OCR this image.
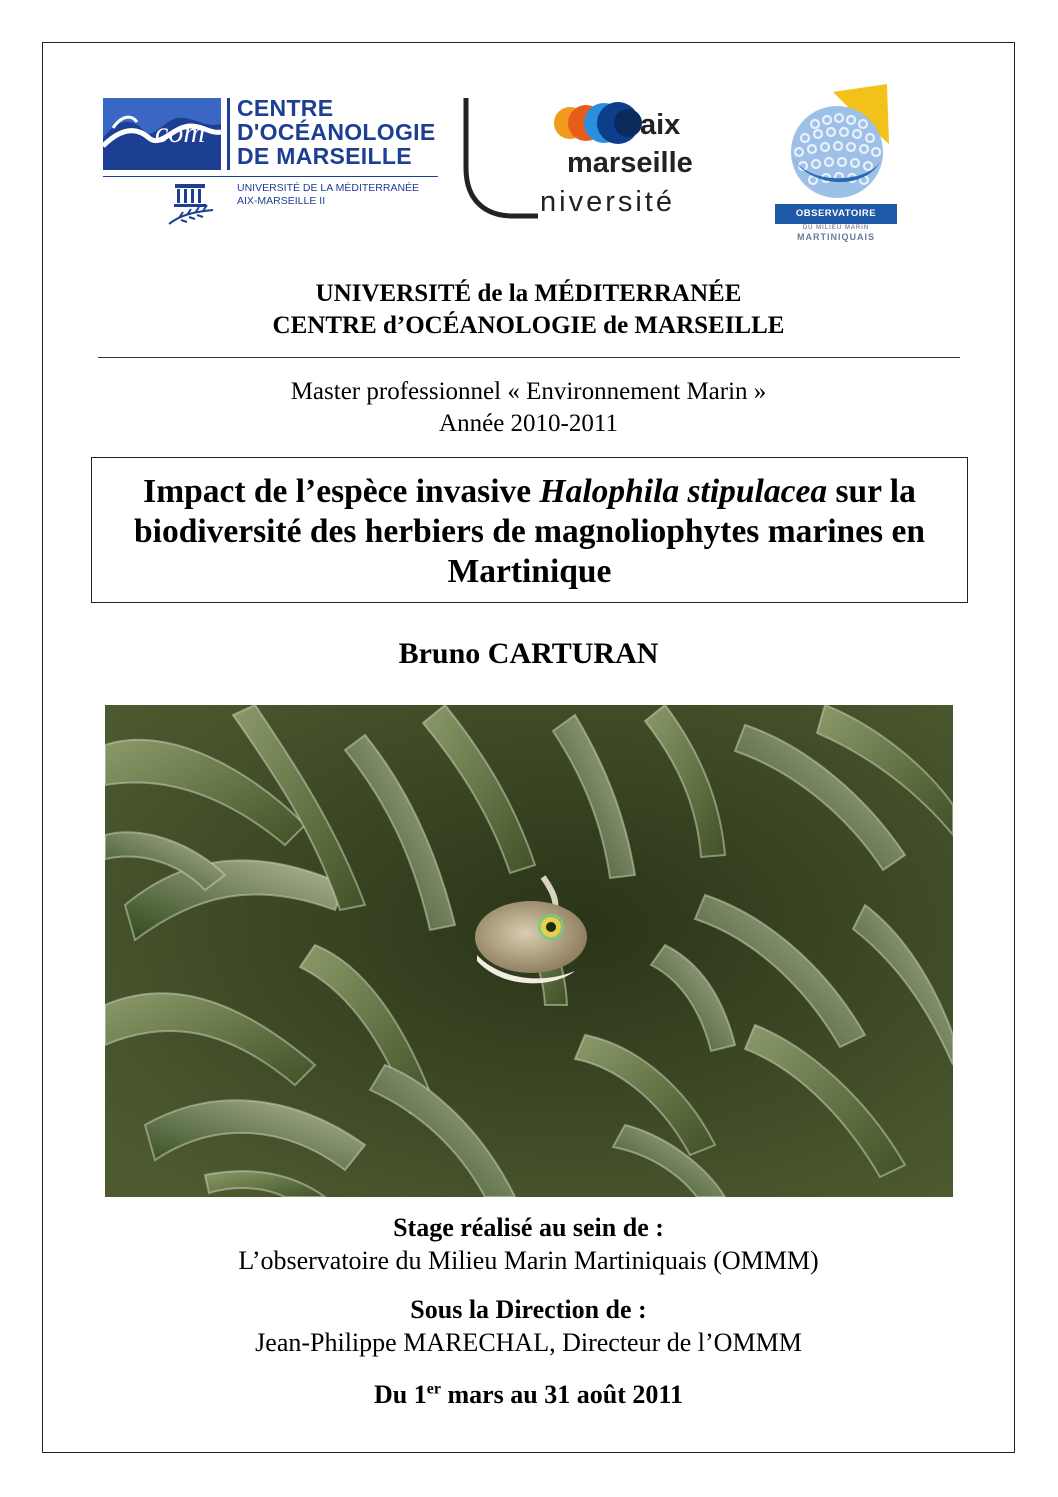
com
CENTRE
D'OCÉANOLOGIE
DE MARSEILLE
UNIVERSITÉ DE LA MÉDITERRANÉE
AIX-MARSEILLE II
aix
marseille
niversité	OBSERVATOIRE
DU MILIEU MARIN
MARTINIQUAIS
UNIVERSITÉ de la MÉDITERRANÉE
CENTRE d’OCÉANOLOGIE de MARSEILLE
Master professionnel « Environnement Marin »
Année 2010-2011
Impact de l’espèce invasive Halophila stipulacea sur la biodiversité des herbiers de magnoliophytes marines en Martinique
Bruno CARTURAN
Stage réalisé au sein de :
L’observatoire du Milieu Marin Martiniquais (OMMM)
Sous la Direction de :
Jean-Philippe MARECHAL, Directeur de l’OMMM
Du 1er mars au 31 août 2011
